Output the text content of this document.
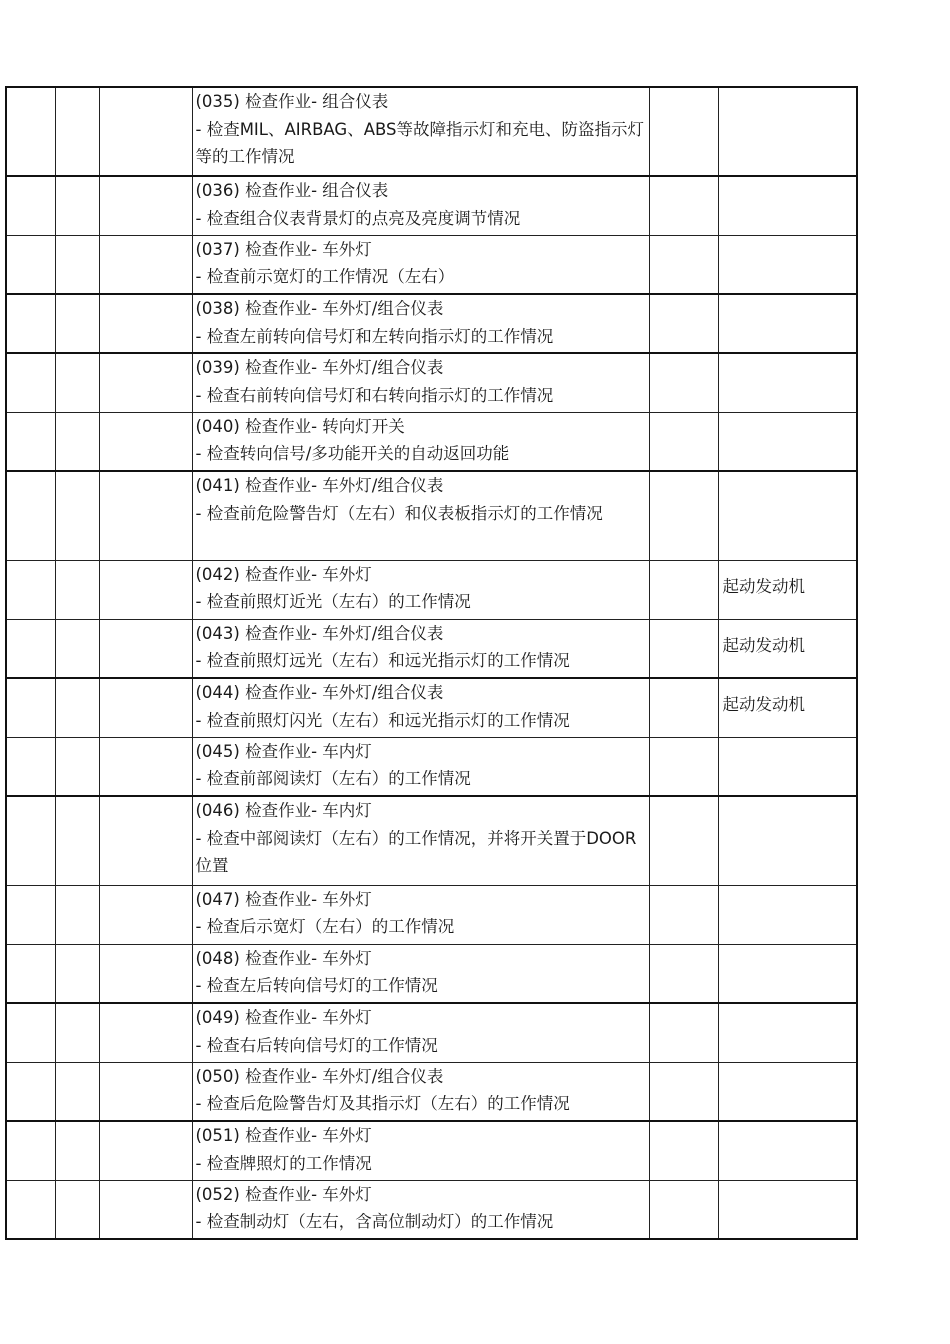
			(035) 检查作业- 组合仪表
- 检查MIL、AIRBAG、ABS等故障指示灯和充电、防盗指示灯等的工作情况		

			(036) 检查作业- 组合仪表
- 检查组合仪表背景灯的点亮及亮度调节情况		

			(037) 检查作业- 车外灯
- 检查前示宽灯的工作情况（左右）		

			(038) 检查作业- 车外灯/组合仪表
- 检查左前转向信号灯和左转向指示灯的工作情况		

			(039) 检查作业- 车外灯/组合仪表
- 检查右前转向信号灯和右转向指示灯的工作情况		

			(040) 检查作业- 转向灯开关
- 检查转向信号/多功能开关的自动返回功能		

			(041) 检查作业- 车外灯/组合仪表
- 检查前危险警告灯（左右）和仪表板指示灯的工作情况		

			(042) 检查作业- 车外灯
- 检查前照灯近光（左右）的工作情况		起动发动机

			(043) 检查作业- 车外灯/组合仪表
- 检查前照灯远光（左右）和远光指示灯的工作情况		起动发动机

			(044) 检查作业- 车外灯/组合仪表
- 检查前照灯闪光（左右）和远光指示灯的工作情况		起动发动机

			(045) 检查作业- 车内灯
- 检查前部阅读灯（左右）的工作情况		

			(046) 检查作业- 车内灯
- 检查中部阅读灯（左右）的工作情况，并将开关置于DOOR位置		

			(047) 检查作业- 车外灯
- 检查后示宽灯（左右）的工作情况		

			(048) 检查作业- 车外灯
- 检查左后转向信号灯的工作情况		

			(049) 检查作业- 车外灯
- 检查右后转向信号灯的工作情况		

			(050) 检查作业- 车外灯/组合仪表
- 检查后危险警告灯及其指示灯（左右）的工作情况		

			(051) 检查作业- 车外灯
- 检查牌照灯的工作情况		

			(052) 检查作业- 车外灯
- 检查制动灯（左右，含高位制动灯）的工作情况		
